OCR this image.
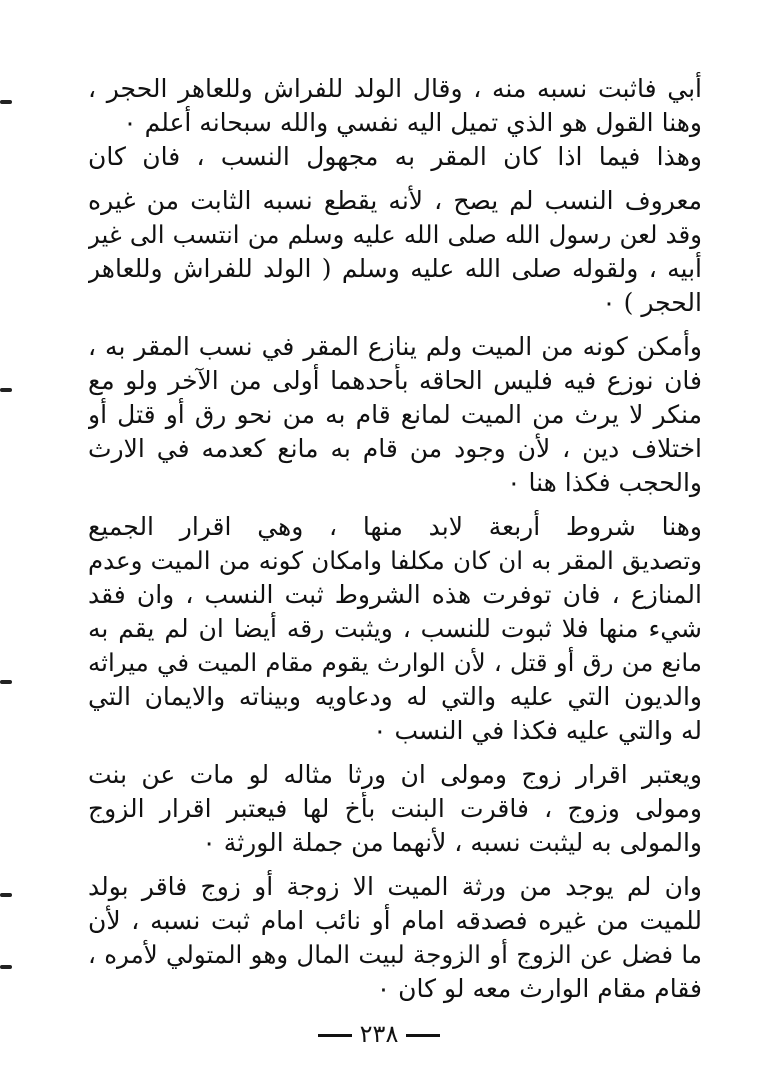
أبي فاثبت نسبه منه ، وقال الولد للفراش وللعاهر الحجر ،
وهنا القول هو الذي تميل اليه نفسي والله سبحانه أعلم ٠
وهذا فيما اذا كان المقر به مجهول النسب ، فان كان

معروف النسب لم يصح ، لأنه يقطع نسبه الثابت من غيره
وقد لعن رسول الله صلى الله عليه وسلم من انتسب الى غير
أبيه ، ولقوله صلى الله عليه وسلم ( الولد للفراش وللعاهر
الحجر ) ٠

وأمكن كونه من الميت ولم ينازع المقر في نسب المقر به ،
فان نوزع فيه فليس الحاقه بأحدهما أولى من الآخر ولو مع
منكر لا يرث من الميت لمانع قام به من نحو رق أو قتل أو
اختلاف دين ، لأن وجود من قام به مانع كعدمه في الارث
والحجب فكذا هنا ٠

وهنا شروط أربعة لابد منها ، وهي اقرار الجميع
وتصديق المقر به ان كان مكلفا وامكان كونه من الميت وعدم
المنازع ، فان توفرت هذه الشروط ثبت النسب ، وان فقد
شيء منها فلا ثبوت للنسب ، ويثبت رقه أيضا ان لم يقم به
مانع من رق أو قتل ، لأن الوارث يقوم مقام الميت في ميراثه
والديون التي عليه والتي له ودعاويه وبيناته والايمان التي
له والتي عليه فكذا في النسب ٠

ويعتبر اقرار زوج ومولى ان ورثا مثاله لو مات عن بنت
ومولى وزوج ، فاقرت البنت بأخ لها فيعتبر اقرار الزوج
والمولى به ليثبت نسبه ، لأنهما من جملة الورثة ٠

وان لم يوجد من ورثة الميت الا زوجة أو زوج فاقر بولد
للميت من غيره فصدقه امام أو نائب امام ثبت نسبه ، لأن
ما فضل عن الزوج أو الزوجة لبيت المال وهو المتولي لأمره ،
فقام مقام الوارث معه لو كان ٠

٢٣٨
